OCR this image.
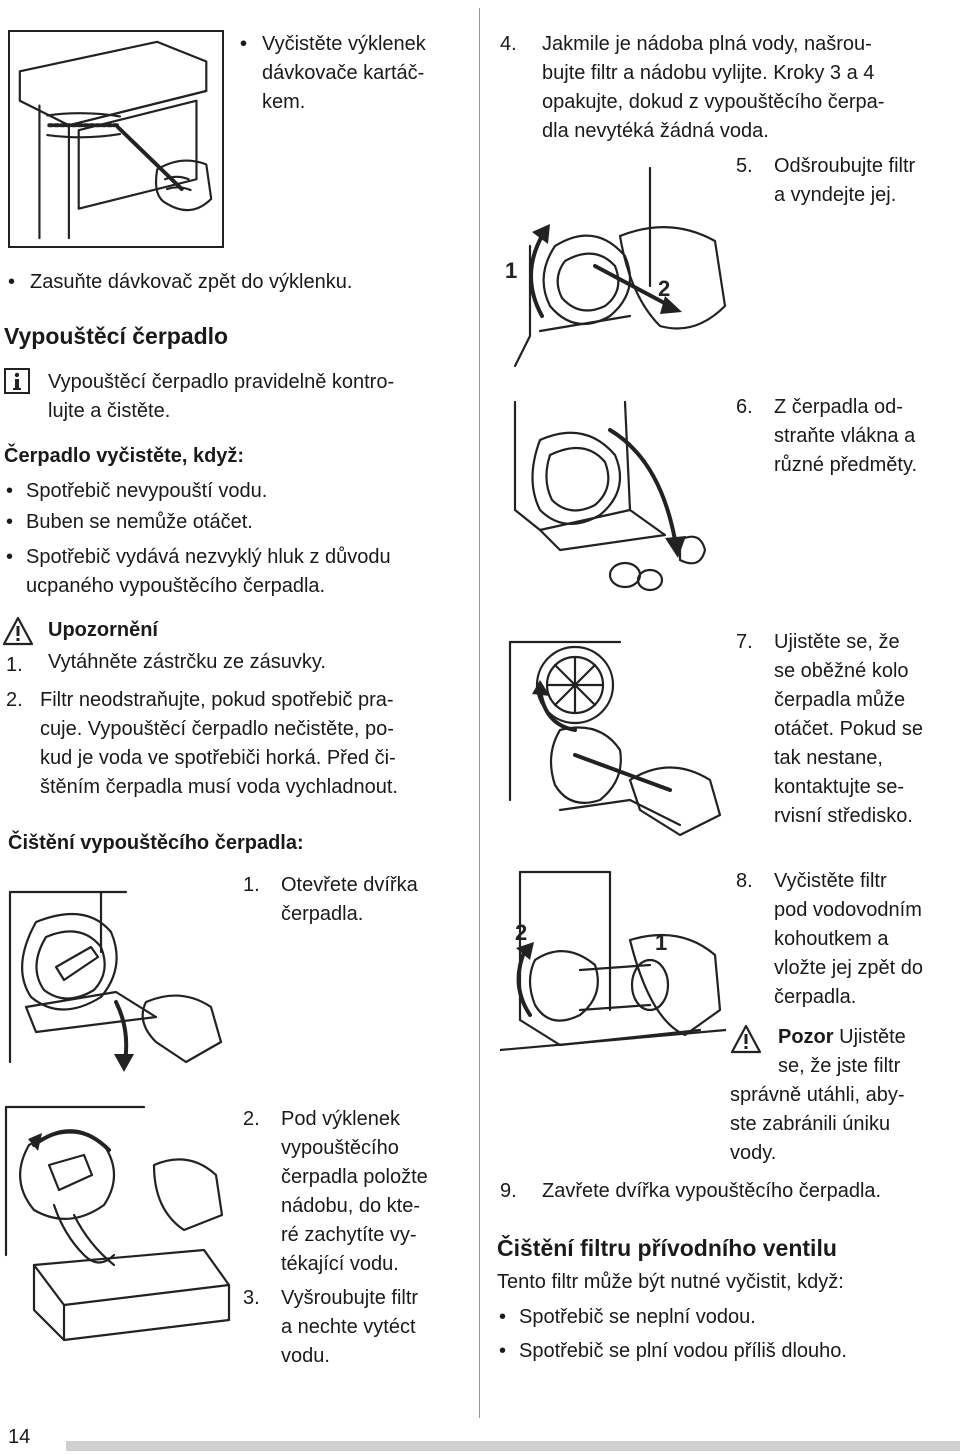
Vyčistěte výklenek
dávkovače kartáč-
kem.
•
• Zasuňte dávkovač zpět do výklenku.
Vypouštěcí čerpadlo
Vypouštěcí čerpadlo pravidelně kontro-
lujte a čistěte.
Čerpadlo vyčistěte, když:
• Spotřebič nevypouští vodu.
• Buben se nemůže otáčet.
• Spotřebič vydává nezvyklý hluk z důvodu
ucpaného vypouštěcího čerpadla.
Upozornění
1. Vytáhněte zástrčku ze zásuvky.
2. Filtr neodstraňujte, pokud spotřebič pra-
cuje. Vypouštěcí čerpadlo nečistěte, po-
kud je voda ve spotřebiči horká. Před či-
štěním čerpadla musí voda vychladnout.
Čištění vypouštěcího čerpadla:
1. Otevřete dvířka
čerpadla.
2. Pod výklenek
vypouštěcího
čerpadla položte
nádobu, do kte-
ré zachytíte vy-
tékající vodu.
3. Vyšroubujte filtr
a nechte vytéct
vodu.
4. Jakmile je nádoba plná vody, našrou-
bujte filtr a nádobu vylijte. Kroky 3 a 4
opakujte, dokud z vypouštěcího čerpa-
dla nevytéká žádná voda.
5. Odšroubujte filtr
a vyndejte jej.
1
2
6. Z čerpadla od-
straňte vlákna a
různé předměty.
7. Ujistěte se, že
se oběžné kolo
čerpadla může
otáčet. Pokud se
tak nestane,
kontaktujte se-
rvisní středisko.
2	1
8. Vyčistěte filtr
pod vodovodním
kohoutkem a
vložte jej zpět do
čerpadla.
Pozor Ujistěte
se, že jste filtr
správně utáhli, aby-
ste zabránili úniku
vody.
9. Zavřete dvířka vypouštěcího čerpadla.
Čištění filtru přívodního ventilu
Tento filtr může být nutné vyčistit, když:
• Spotřebič se neplní vodou.
• Spotřebič se plní vodou příliš dlouho.
14
